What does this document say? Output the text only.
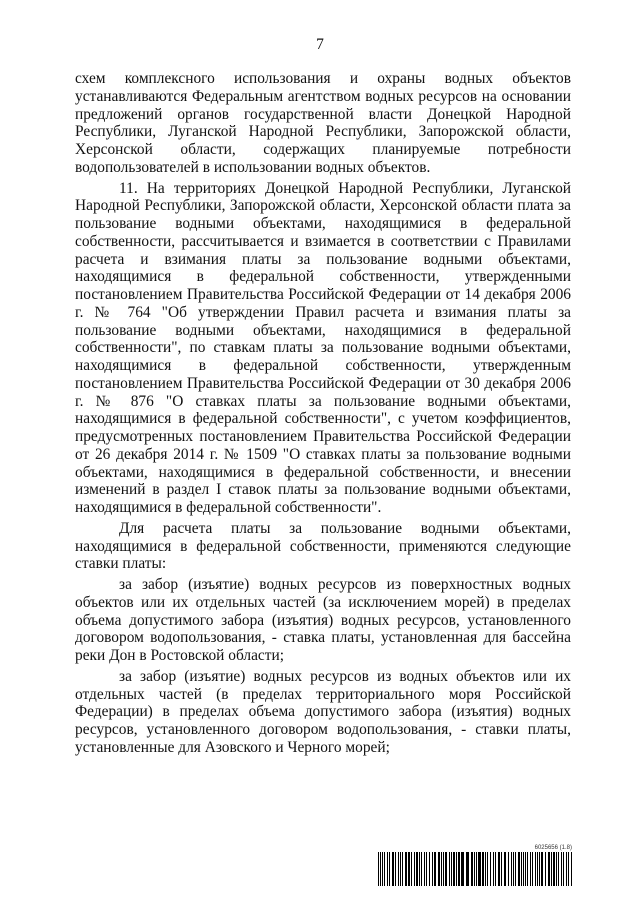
7

схем комплексного использования и охраны водных объектов устанавливаются Федеральным агентством водных ресурсов на основании предложений органов государственной власти Донецкой Народной Республики, Луганской Народной Республики, Запорожской области, Херсонской области, содержащих планируемые потребности водопользователей в использовании водных объектов.

11. На территориях Донецкой Народной Республики, Луганской Народной Республики, Запорожской области, Херсонской области плата за пользование водными объектами, находящимися в федеральной собственности, рассчитывается и взимается в соответствии с Правилами расчета и взимания платы за пользование водными объектами, находящимися в федеральной собственности, утвержденными постановлением Правительства Российской Федерации от 14 декабря 2006 г. № 764 "Об утверждении Правил расчета и взимания платы за пользование водными объектами, находящимися в федеральной собственности", по ставкам платы за пользование водными объектами, находящимися в федеральной собственности, утвержденным постановлением Правительства Российской Федерации от 30 декабря 2006 г. № 876 "О ставках платы за пользование водными объектами, находящимися в федеральной собственности", с учетом коэффициентов, предусмотренных постановлением Правительства Российской Федерации от 26 декабря 2014 г. № 1509 "О ставках платы за пользование водными объектами, находящимися в федеральной собственности, и внесении изменений в раздел I ставок платы за пользование водными объектами, находящимися в федеральной собственности".

Для расчета платы за пользование водными объектами, находящимися в федеральной собственности, применяются следующие ставки платы:

за забор (изъятие) водных ресурсов из поверхностных водных объектов или их отдельных частей (за исключением морей) в пределах объема допустимого забора (изъятия) водных ресурсов, установленного договором водопользования, - ставка платы, установленная для бассейна реки Дон в Ростовской области;

за забор (изъятие) водных ресурсов из водных объектов или их отдельных частей (в пределах территориального моря Российской Федерации) в пределах объема допустимого забора (изъятия) водных ресурсов, установленного договором водопользования, - ставки платы, установленные для Азовского и Черного морей;

6025656 (1.8)
